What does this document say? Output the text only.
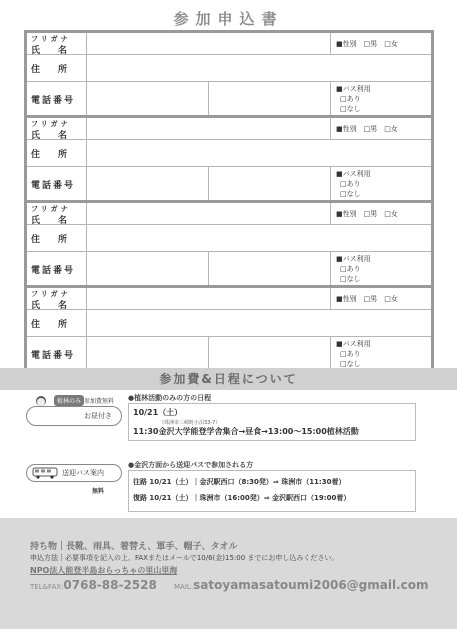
参加申込書
フリガナ
氏名
■性別　□男　□女
住所
電話番号
■バス利用
□あり
□なし
フリガナ
氏名
■性別　□男　□女
住所
電話番号
■バス利用
□あり
□なし
フリガナ
氏名
■性別　□男　□女
住所
電話番号
■バス利用
□あり
□なし
フリガナ
氏名
■性別　□男　□女
住所
電話番号
■バス利用
□あり
□なし
参加費&日程について
植林のみ 参加費無料
お昼付き
●植林活動のみの方の日程
10/21（土）
（珠洲市三崎町小泊33-7）
11:30金沢大学能登学舎集合→昼食→13:00〜15:00植林活動
送迎バス案内
無料
●金沢方面から送迎バスで参加される方
往路 10/21（土）｜金沢駅西口（8:30発）⇒ 珠洲市（11:30着）
復路 10/21（土）｜珠洲市（16:00発）⇒ 金沢駅西口（19:00着）
持ち物｜長靴、雨具、着替え、軍手、帽子、タオル
申込方法｜必要事項を記入の上、FAXまたはメールで10/6(金)15:00 までにお申し込みください。
NPO法人能登半島おらっちゃの里山里海
TEL&FAX:0768-88-2528 MAIL:satoyamasatoumi2006@gmail.com
